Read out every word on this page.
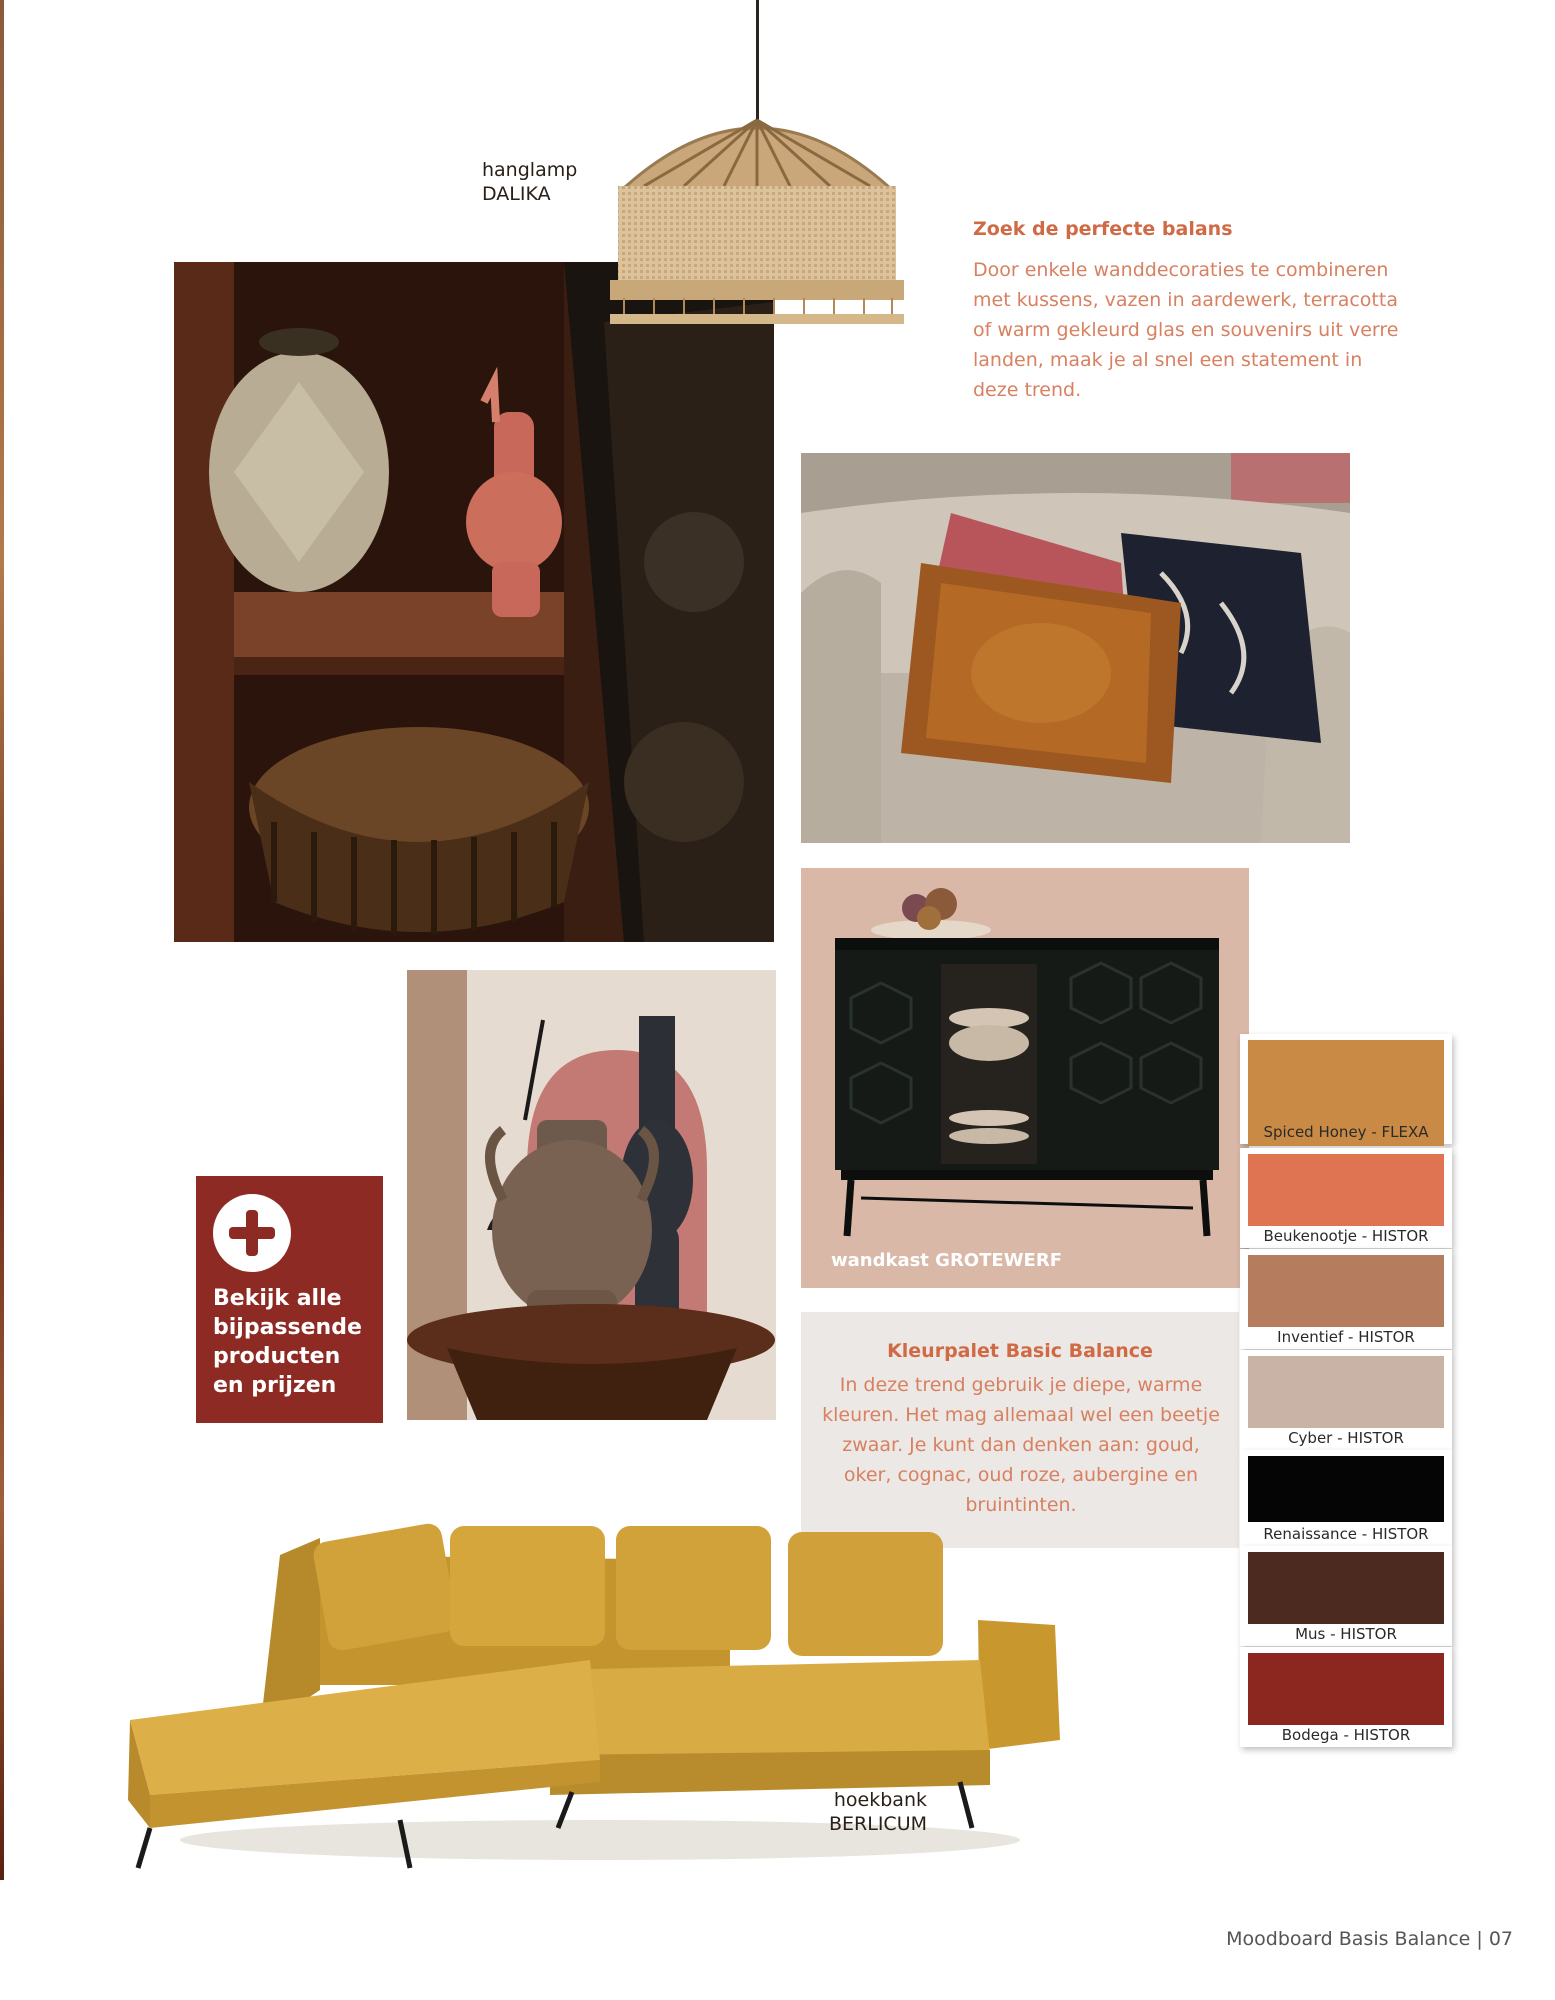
hanglamp
DALIKA
Zoek de perfecte balans
Door enkele wanddecoraties te combineren met kussens, vazen in aardewerk, terracotta of warm gekleurd glas en souvenirs uit verre landen, maak je al snel een statement in deze trend.
Bekijk alle bijpassende producten en prijzen
wandkast GROTEWERF
Kleurpalet Basic Balance
In deze trend gebruik je diepe, warme kleuren. Het mag allemaal wel een beetje zwaar. Je kunt dan denken aan: goud, oker, cognac, oud roze, aubergine en bruintinten.
Spiced Honey - FLEXA
Beukenootje - HISTOR
Inventief - HISTOR
Cyber - HISTOR
Renaissance - HISTOR
Mus - HISTOR
Bodega - HISTOR
hoekbank
BERLICUM
Moodboard Basis Balance | 07
